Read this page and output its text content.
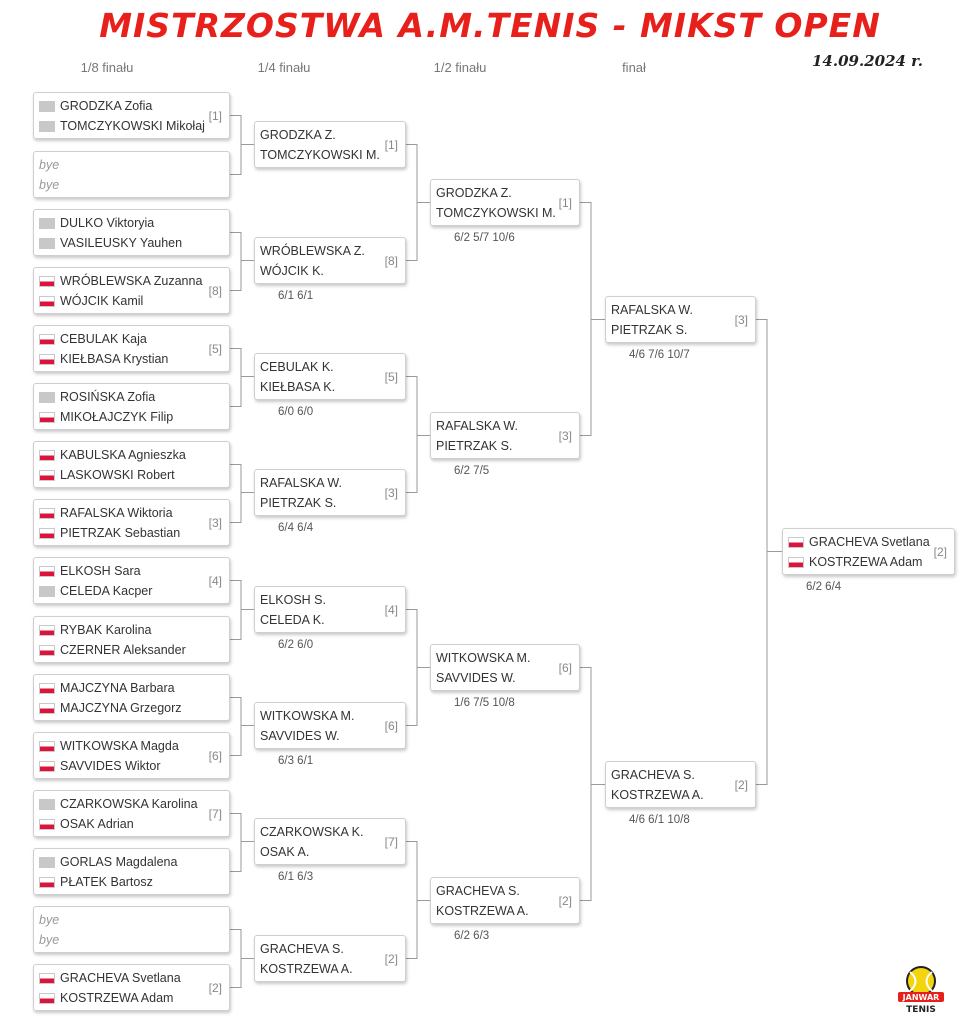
MISTRZOSTWA A.M.TENIS - MIKST OPEN
14.09.2024 r.
1/8 finału	1/4 finału	1/2 finału	finał
GRODZKA Zofia
TOMCZYKOWSKI Mikołaj
[1]
bye
bye
DULKO Viktoryia
VASILEUSKY Yauhen
WRÓBLEWSKA Zuzanna
WÓJCIK Kamil
[8]
CEBULAK Kaja
KIEŁBASA Krystian
[5]
ROSIŃSKA Zofia
MIKOŁAJCZYK Filip
KABULSKA Agnieszka
LASKOWSKI Robert
RAFALSKA Wiktoria
PIETRZAK Sebastian
[3]
ELKOSH Sara
CELEDA Kacper
[4]
RYBAK Karolina
CZERNER Aleksander
MAJCZYNA Barbara
MAJCZYNA Grzegorz
WITKOWSKA Magda
SAVVIDES Wiktor
[6]
CZARKOWSKA Karolina
OSAK Adrian
[7]
GORLAS Magdalena
PŁATEK Bartosz
bye
bye
GRACHEVA Svetlana
KOSTRZEWA Adam
[2]
GRODZKA Z.
TOMCZYKOWSKI M.
[1]
WRÓBLEWSKA Z.
WÓJCIK K.
[8]
6/1 6/1
CEBULAK K.
KIEŁBASA K.
[5]
6/0 6/0
RAFALSKA W.
PIETRZAK S.
[3]
6/4 6/4
ELKOSH S.
CELEDA K.
[4]
6/2 6/0
WITKOWSKA M.
SAVVIDES W.
[6]
6/3 6/1
CZARKOWSKA K.
OSAK A.
[7]
6/1 6/3
GRACHEVA S.
KOSTRZEWA A.
[2]
GRODZKA Z.
TOMCZYKOWSKI M.
[1]
6/2 5/7 10/6
RAFALSKA W.
PIETRZAK S.
[3]
6/2 7/5
WITKOWSKA M.
SAVVIDES W.
[6]
1/6 7/5 10/8
GRACHEVA S.
KOSTRZEWA A.
[2]
6/2 6/3
RAFALSKA W.
PIETRZAK S.
[3]
4/6 7/6 10/7
GRACHEVA S.
KOSTRZEWA A.
[2]
4/6 6/1 10/8
GRACHEVA Svetlana
KOSTRZEWA Adam
[2]
6/2 6/4
JANWAR
TENIS
